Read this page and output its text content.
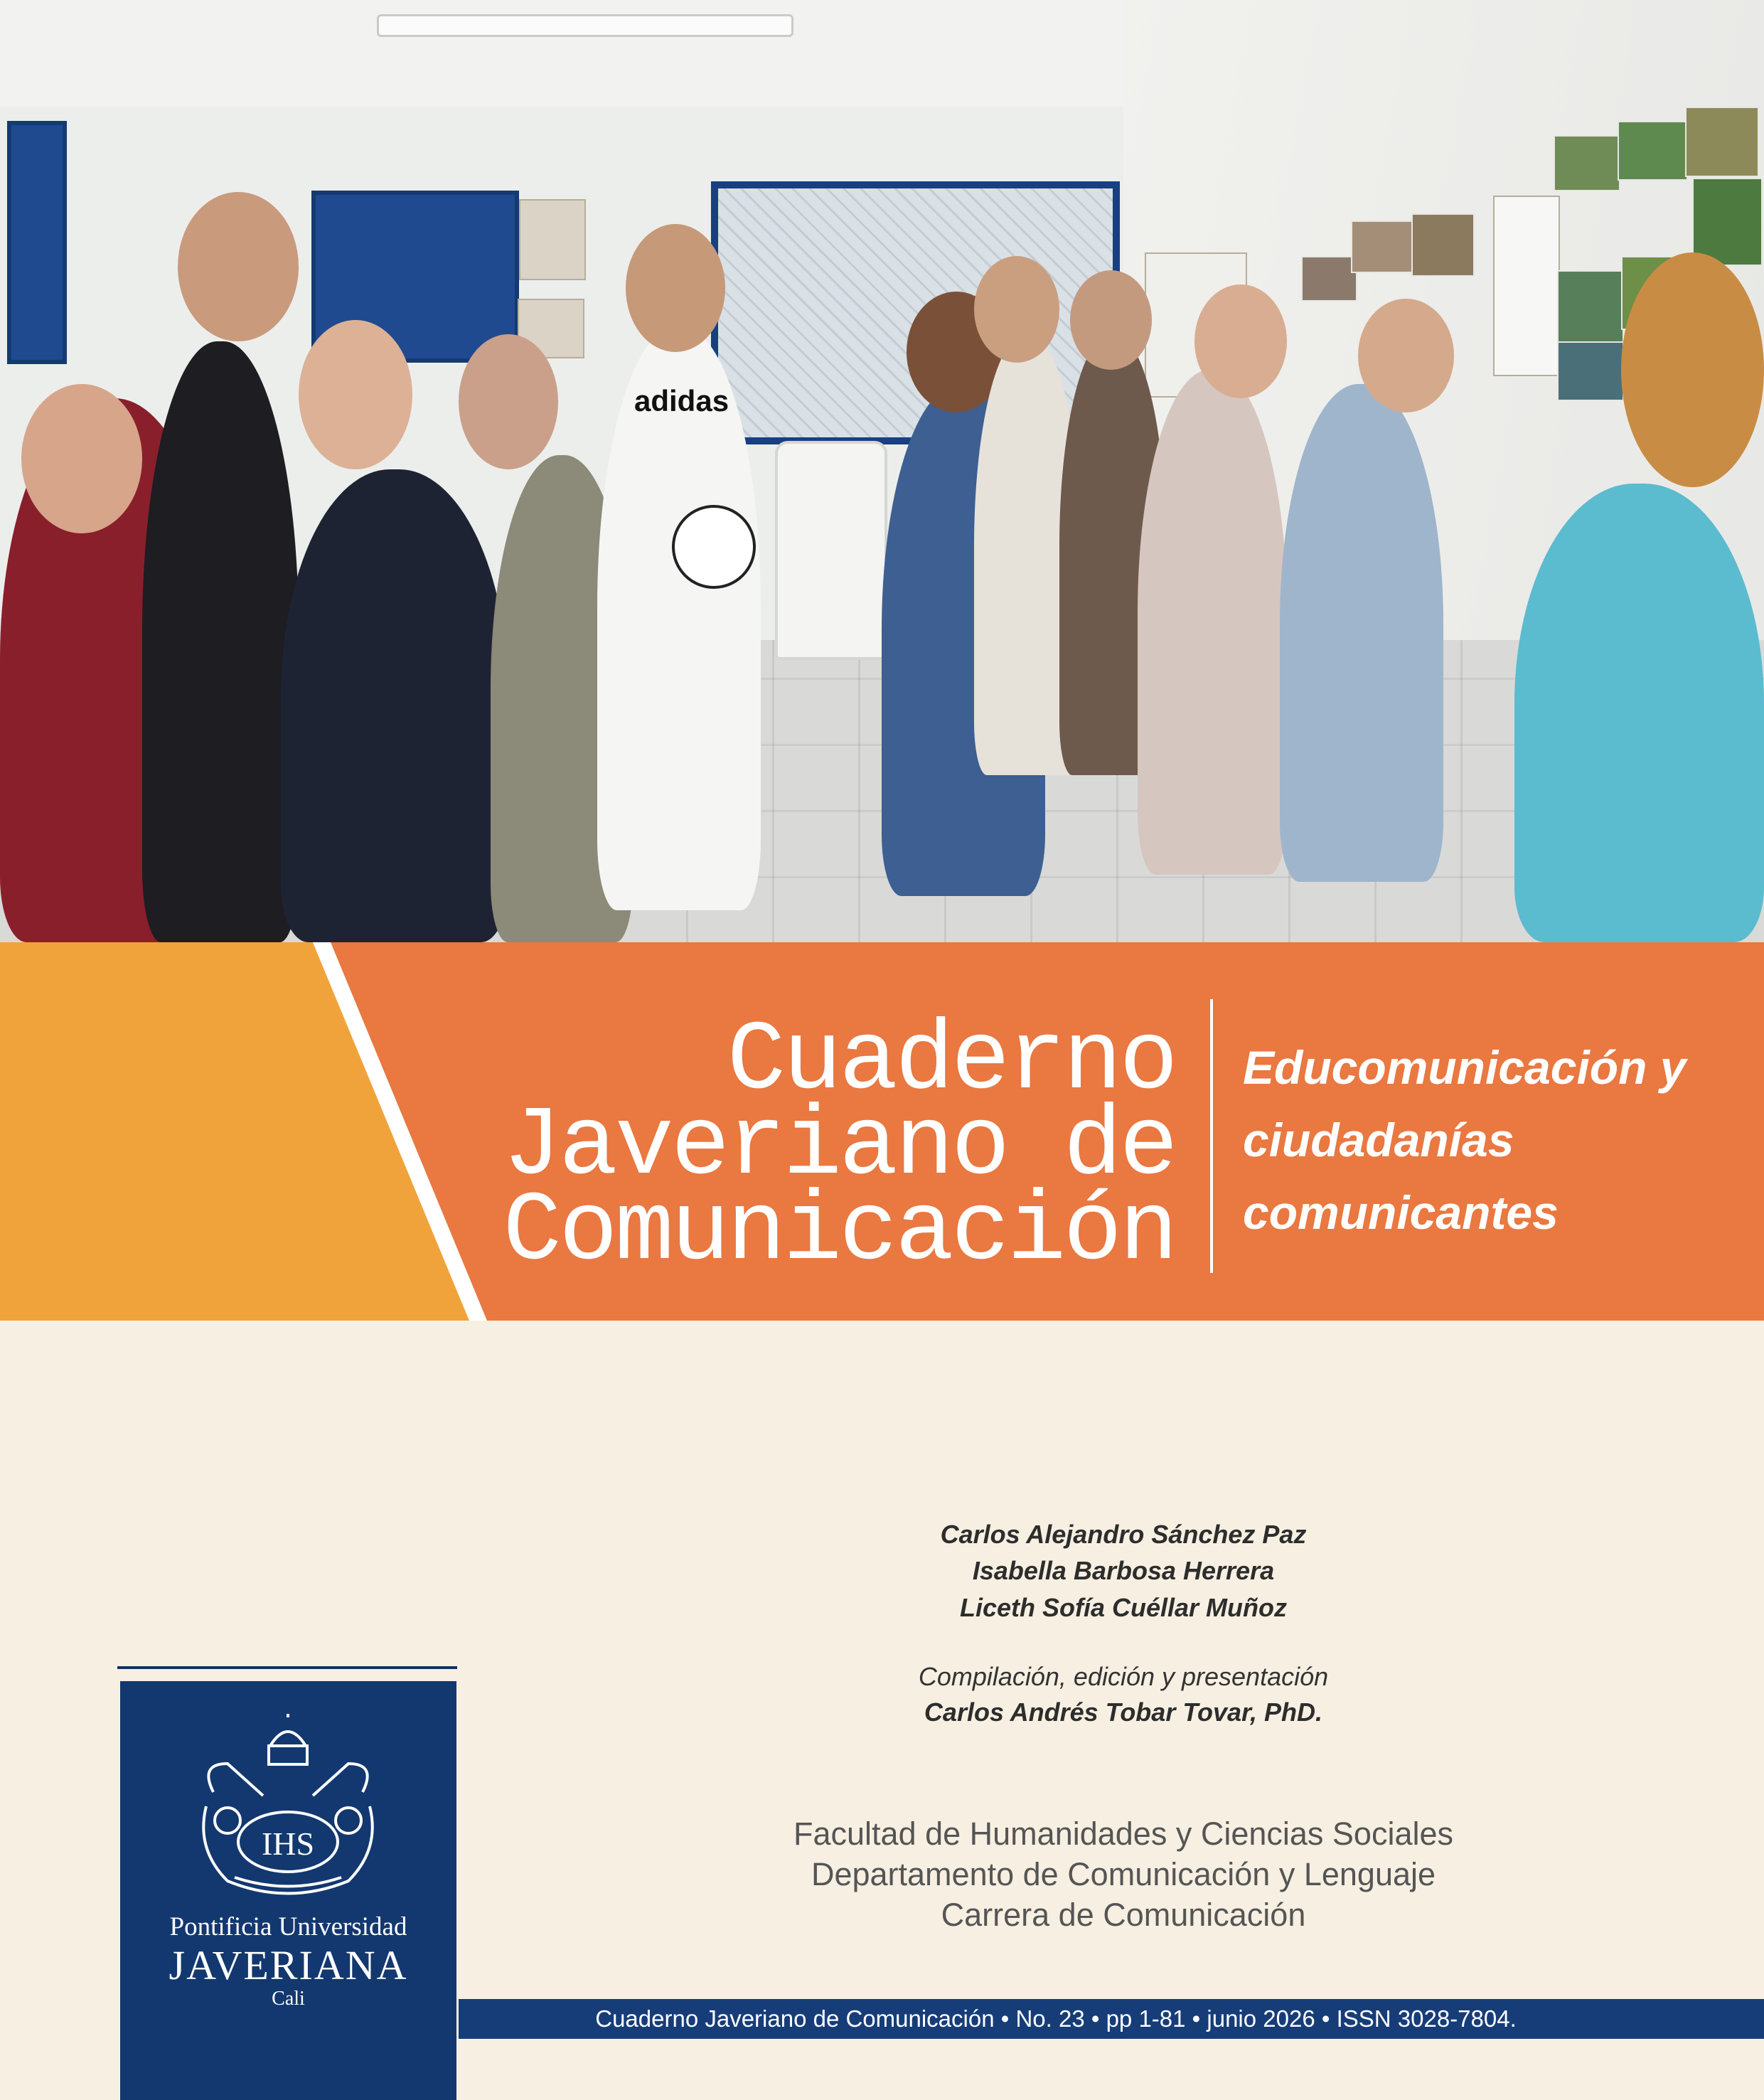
adidas
Cuaderno
Javeriano de
Comunicación
Educomunicación y
ciudadanías
comunicantes
Carlos Alejandro Sánchez Paz
Isabella Barbosa Herrera
Liceth Sofía Cuéllar Muñoz
Compilación, edición y presentación
Carlos Andrés Tobar Tovar, PhD.
Facultad de Humanidades y Ciencias Sociales
Departamento de Comunicación y Lenguaje
Carrera de Comunicación
IHS
Pontificia Universidad
JAVERIANA
Cali
Cuaderno Javeriano de Comunicación • No. 23 • pp 1-81 • junio 2026 • ISSN 3028-7804.
